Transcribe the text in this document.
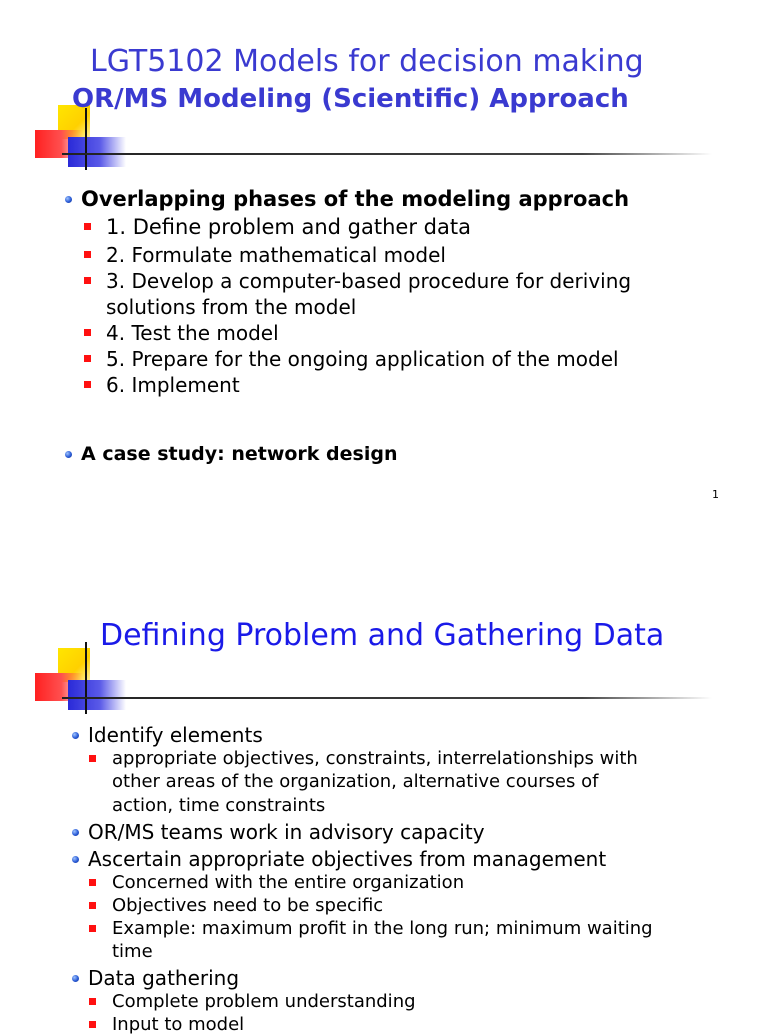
LGT5102 Models for decision making
OR/MS Modeling (Scientific) Approach
Overlapping phases of the modeling approach
1. Define problem and gather data
2. Formulate mathematical model
3. Develop a computer-based procedure for deriving
solutions from the model
4. Test the model
5. Prepare for the ongoing application of the model
6. Implement
A case study: network design
1
Defining Problem and Gathering Data
Identify elements
appropriate objectives, constraints, interrelationships with
other areas of the organization, alternative courses of
action, time constraints
OR/MS teams work in advisory capacity
Ascertain appropriate objectives from management
Concerned with the entire organization
Objectives need to be specific
Example: maximum profit in the long run; minimum waiting
time
Data gathering
Complete problem understanding
Input to model
